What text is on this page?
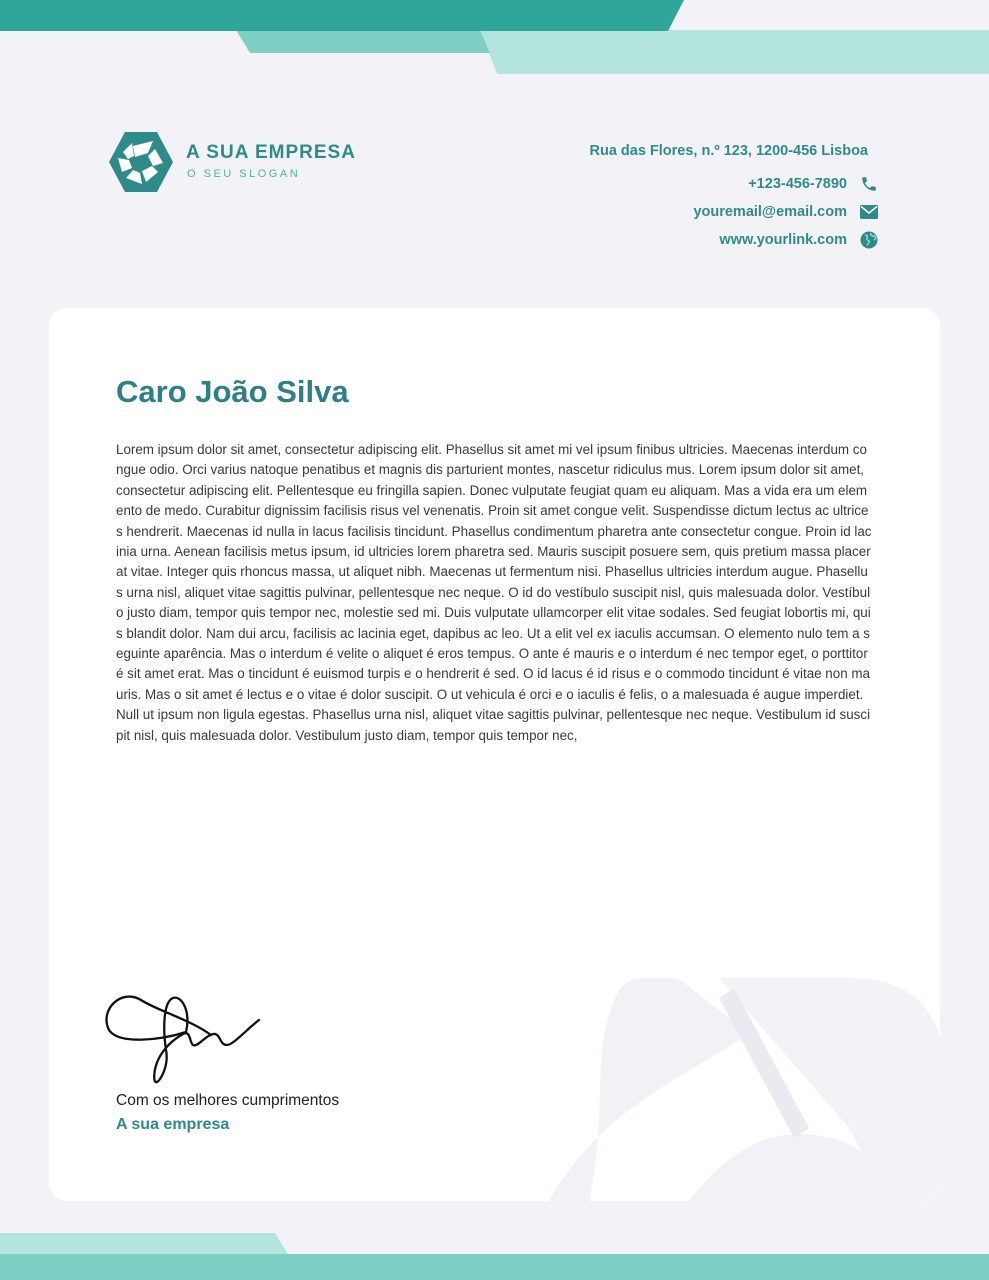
A SUA EMPRESA
O SEU SLOGAN
Rua das Flores, n.º 123, 1200-456 Lisboa
+123-456-7890
youremail@email.com
www.yourlink.com
Caro João Silva

Lorem ipsum dolor sit amet, consectetur adipiscing elit. Phasellus sit amet mi vel ipsum finibus ultricies. Maecenas interdum congue odio. Orci varius natoque penatibus et magnis dis parturient montes, nascetur ridiculus mus. Lorem ipsum dolor sit amet, consectetur adipiscing elit. Pellentesque eu fringilla sapien. Donec vulputate feugiat quam eu aliquam. Mas a vida era um elemento de medo. Curabitur dignissim facilisis risus vel venenatis. Proin sit amet congue velit. Suspendisse dictum lectus ac ultrices hendrerit. Maecenas id nulla in lacus facilisis tincidunt. Phasellus condimentum pharetra ante consectetur congue. Proin id lacinia urna. Aenean facilisis metus ipsum, id ultricies lorem pharetra sed. Mauris suscipit posuere sem, quis pretium massa placerat vitae. Integer quis rhoncus massa, ut aliquet nibh. Maecenas ut fermentum nisi. Phasellus ultricies interdum augue. Phasellus urna nisl, aliquet vitae sagittis pulvinar, pellentesque nec neque. O id do vestíbulo suscipit nisl, quis malesuada dolor. Vestíbulo justo diam, tempor quis tempor nec, molestie sed mi. Duis vulputate ullamcorper elit vitae sodales. Sed feugiat lobortis mi, quis blandit dolor. Nam dui arcu, facilisis ac lacinia eget, dapibus ac leo. Ut a elit vel ex iaculis accumsan. O elemento nulo tem a seguinte aparência. Mas o interdum é velite o aliquet é eros tempus. O ante é mauris e o interdum é nec tempor eget, o porttitor é sit amet erat. Mas o tincidunt é euismod turpis e o hendrerit é sed. O id lacus é id risus e o commodo tincidunt é vitae non mauris. Mas o sit amet é lectus e o vitae é dolor suscipit. O ut vehicula é orci e o iaculis é felis, o a malesuada é augue imperdiet. Null ut ipsum non ligula egestas. Phasellus urna nisl, aliquet vitae sagittis pulvinar, pellentesque nec neque. Vestibulum id suscipit nisl, quis malesuada dolor. Vestibulum justo diam, tempor quis tempor nec,

Com os melhores cumprimentos
A sua empresa
